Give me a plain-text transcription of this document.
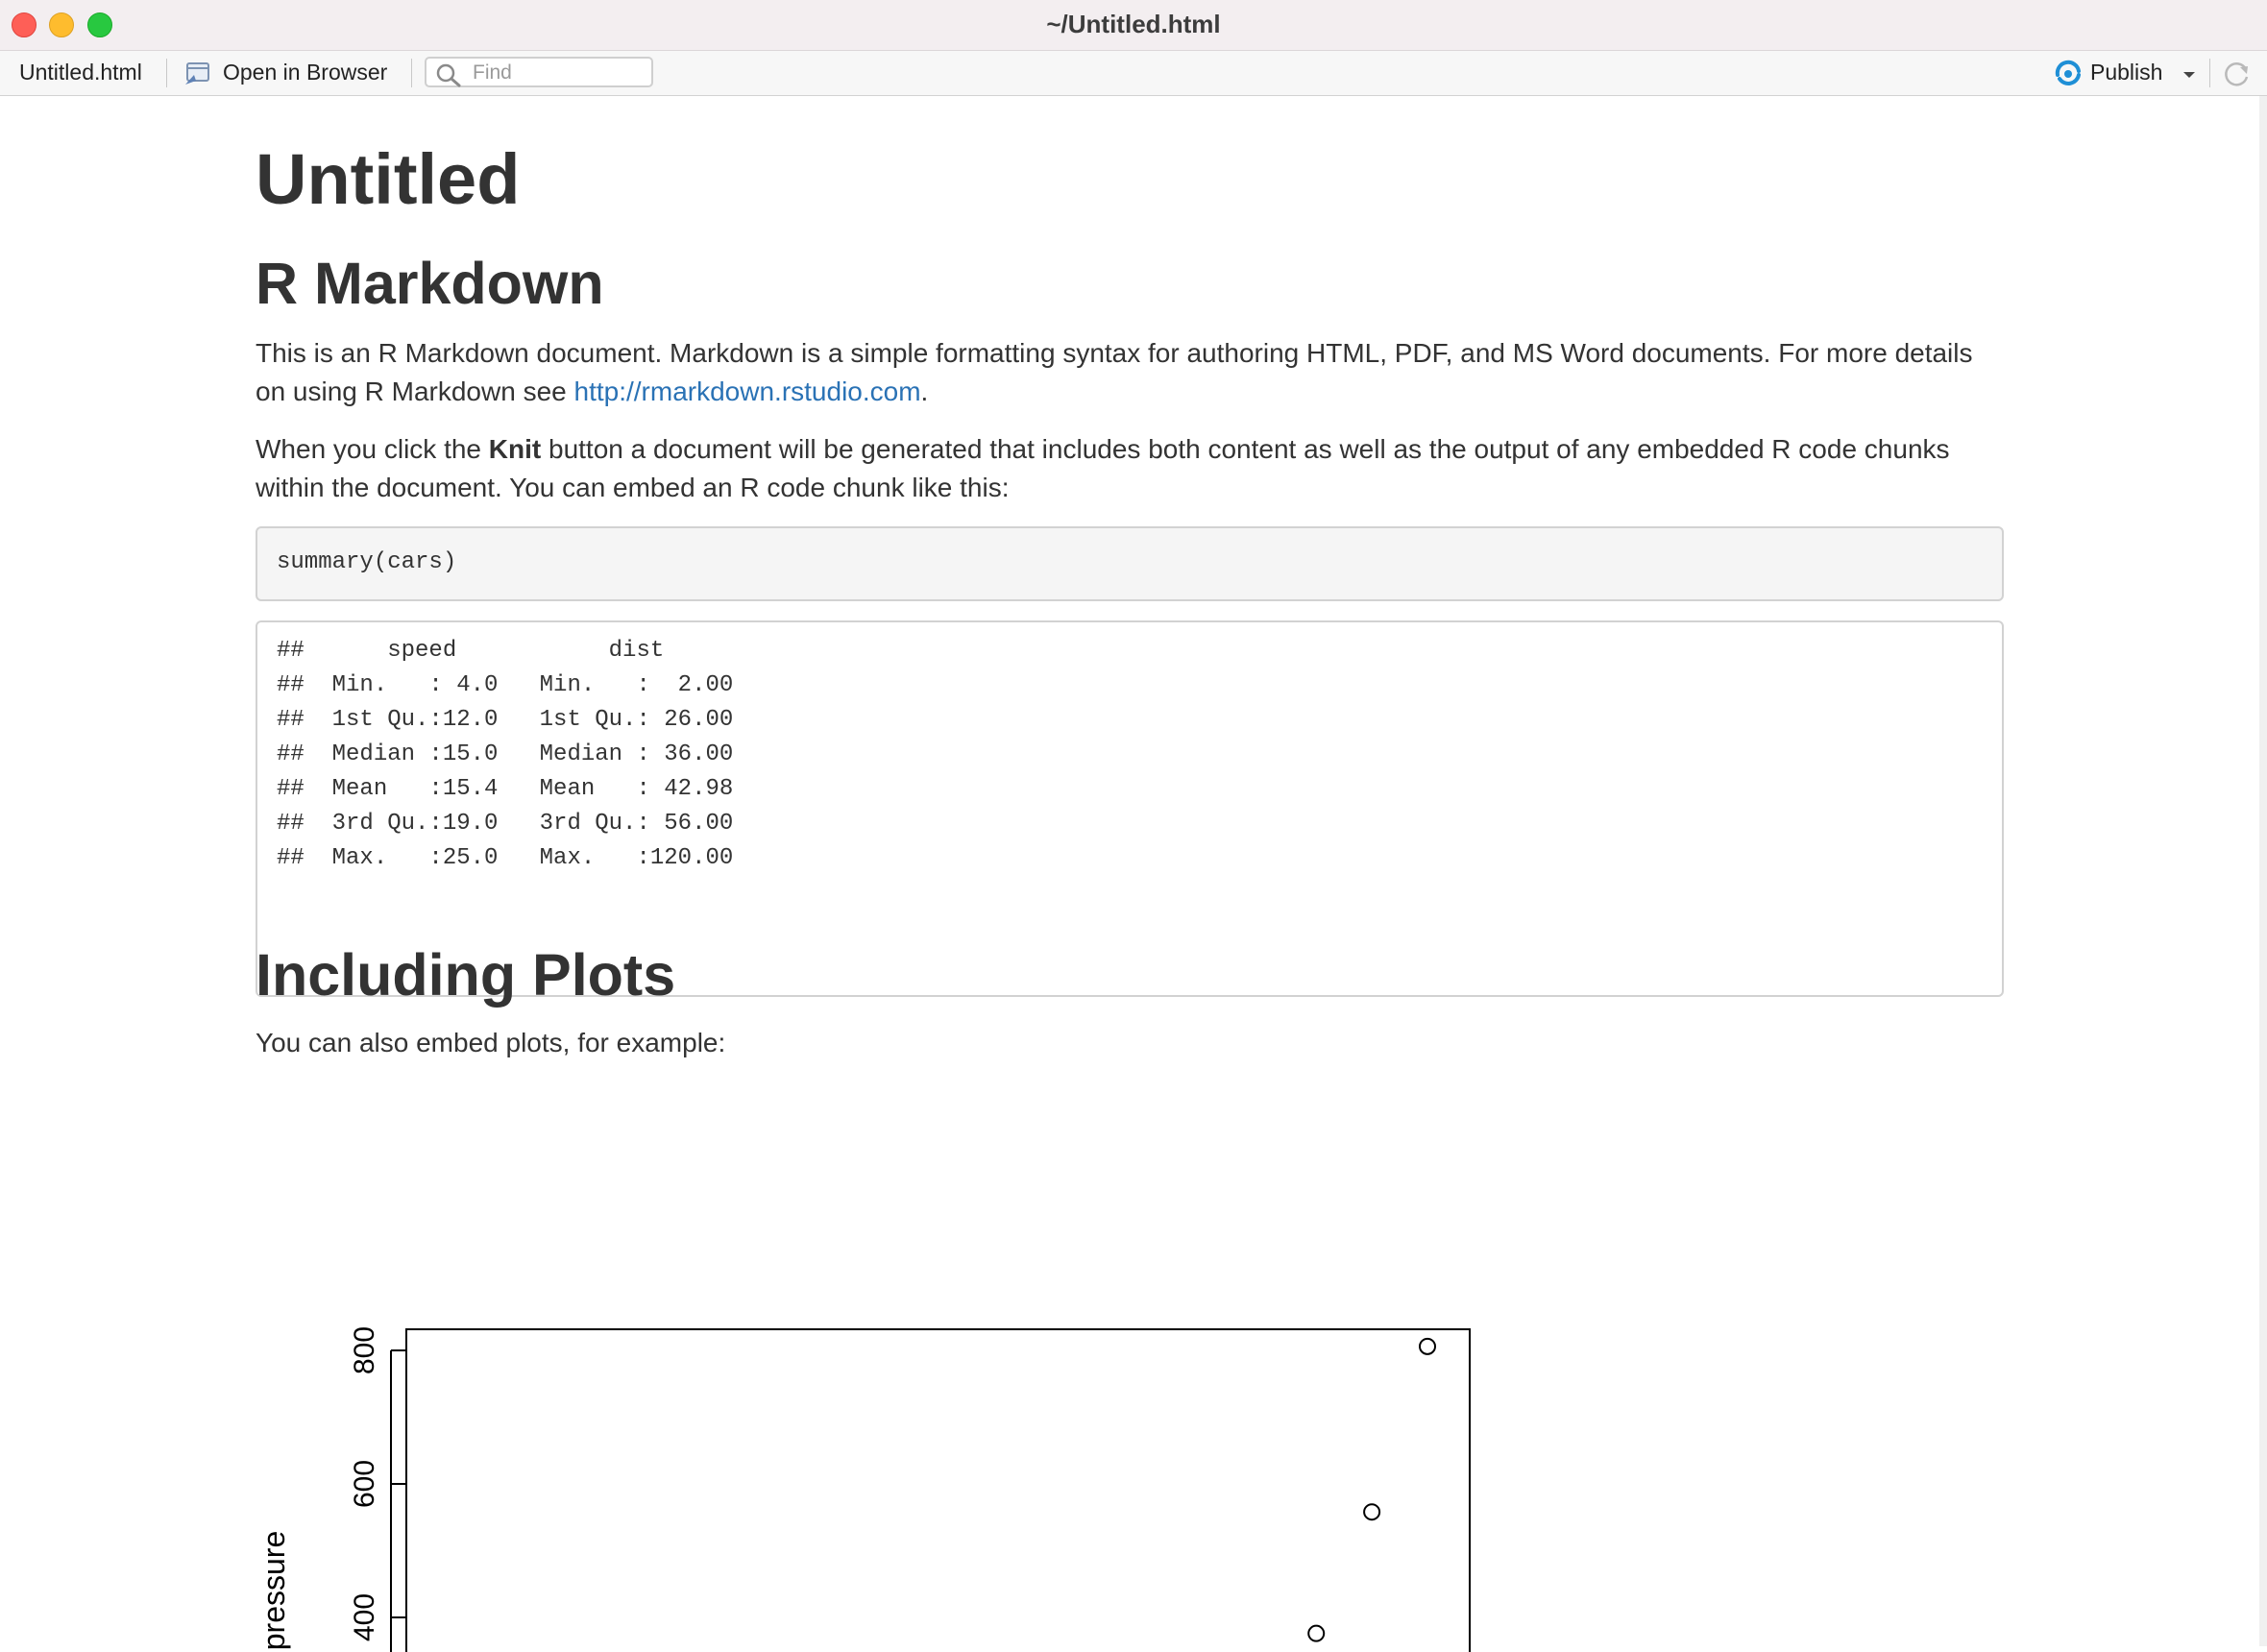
~/Untitled.html
Untitled.html	Open in Browser
Find	Publish
Untitled
R Markdown

This is an R Markdown document. Markdown is a simple formatting syntax for authoring HTML, PDF, and MS Word documents. For more details on using R Markdown see http://rmarkdown.rstudio.com.

When you click the Knit button a document will be generated that includes both content as well as the output of any embedded R code chunks within the document. You can embed an R code chunk like this:

summary(cars)
##      speed           dist
##  Min.   : 4.0   Min.   :  2.00
##  1st Qu.:12.0   1st Qu.: 26.00
##  Median :15.0   Median : 36.00
##  Mean   :15.4   Mean   : 42.98
##  3rd Qu.:19.0   3rd Qu.: 56.00
##  Max.   :25.0   Max.   :120.00
Including Plots

You can also embed plots, for example:

400
600
800
pressure
